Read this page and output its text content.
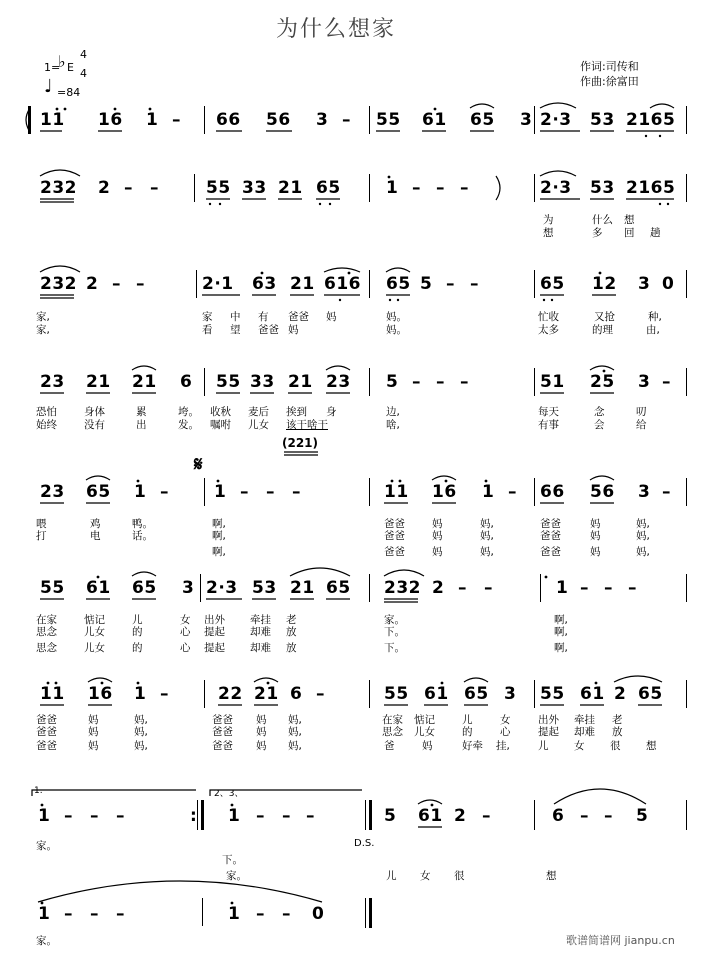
为什么想家
作词:司传和
作曲:徐富田
1=
♭ E
4
4
♩ =84
11 16 1 – 66 56 3 – 55 61 65 3 2·3 53 2165
232 2 – –	55 33 21 65	1 – – –	2·3 53 2165
为	什么 想
想	多 回 趟
232 2 – –	2·1 63 21 616 65 5 – –	65 12 3 0
家,	家 中 有 爸爸 妈	妈。	忙收	又抢	种,
家,	看 望 爸爸 妈	妈。	太多	的理	由,
23 21 21 6 55 33 21 23 5 – – –	51 25 3 –
恐怕	身体	累	垮。 收秋 麦后 挨到 身	边,	每天	念	叨
始终	没有	出	发。 嘱咐 儿女 该干啥干	啥,	有事	会	给
(221)
𝄋
23 65 1 –	1 – – –	11 16 1 – 66 56 3 –
喂	鸡	鸭。	啊,	爸爸	妈	妈,	爸爸	妈	妈,
打	电	话。	啊,	爸爸	妈	妈,	爸爸	妈	妈,
啊,	爸爸	妈	妈,	爸爸	妈	妈,
55 61 65 3 2·3 53 21 65 232 2 – –	1 – – –
在家	惦记	儿	女 出外 牵挂 老	家。	啊,
思念	儿女	的	心 提起 却难 放	下。	啊,
思念	儿女	的	心 提起 却难 放	下。	啊,
11 16 1 –	22 21 6 –	55 61 65 3 55 61 2 65
爸爸	妈	妈,	爸爸 妈 妈,	在家 惦记	儿	女	出外 牵挂 老
爸爸	妈	妈,	爸爸 妈 妈,	思念 儿女	的	心	提起 却难 放
爸爸	妈	妈,	爸爸 妈 妈,	爸	妈	好牵 挂,	儿 女 很 想
1.	2、3、
1 – – –	: 1 – – –	5 61 2 –	6 – – 5
家。	D.S.
下。
家。	儿 女 很	想
1 – – –	1 – – 0
家。	歌谱简谱网 jianpu.cn
